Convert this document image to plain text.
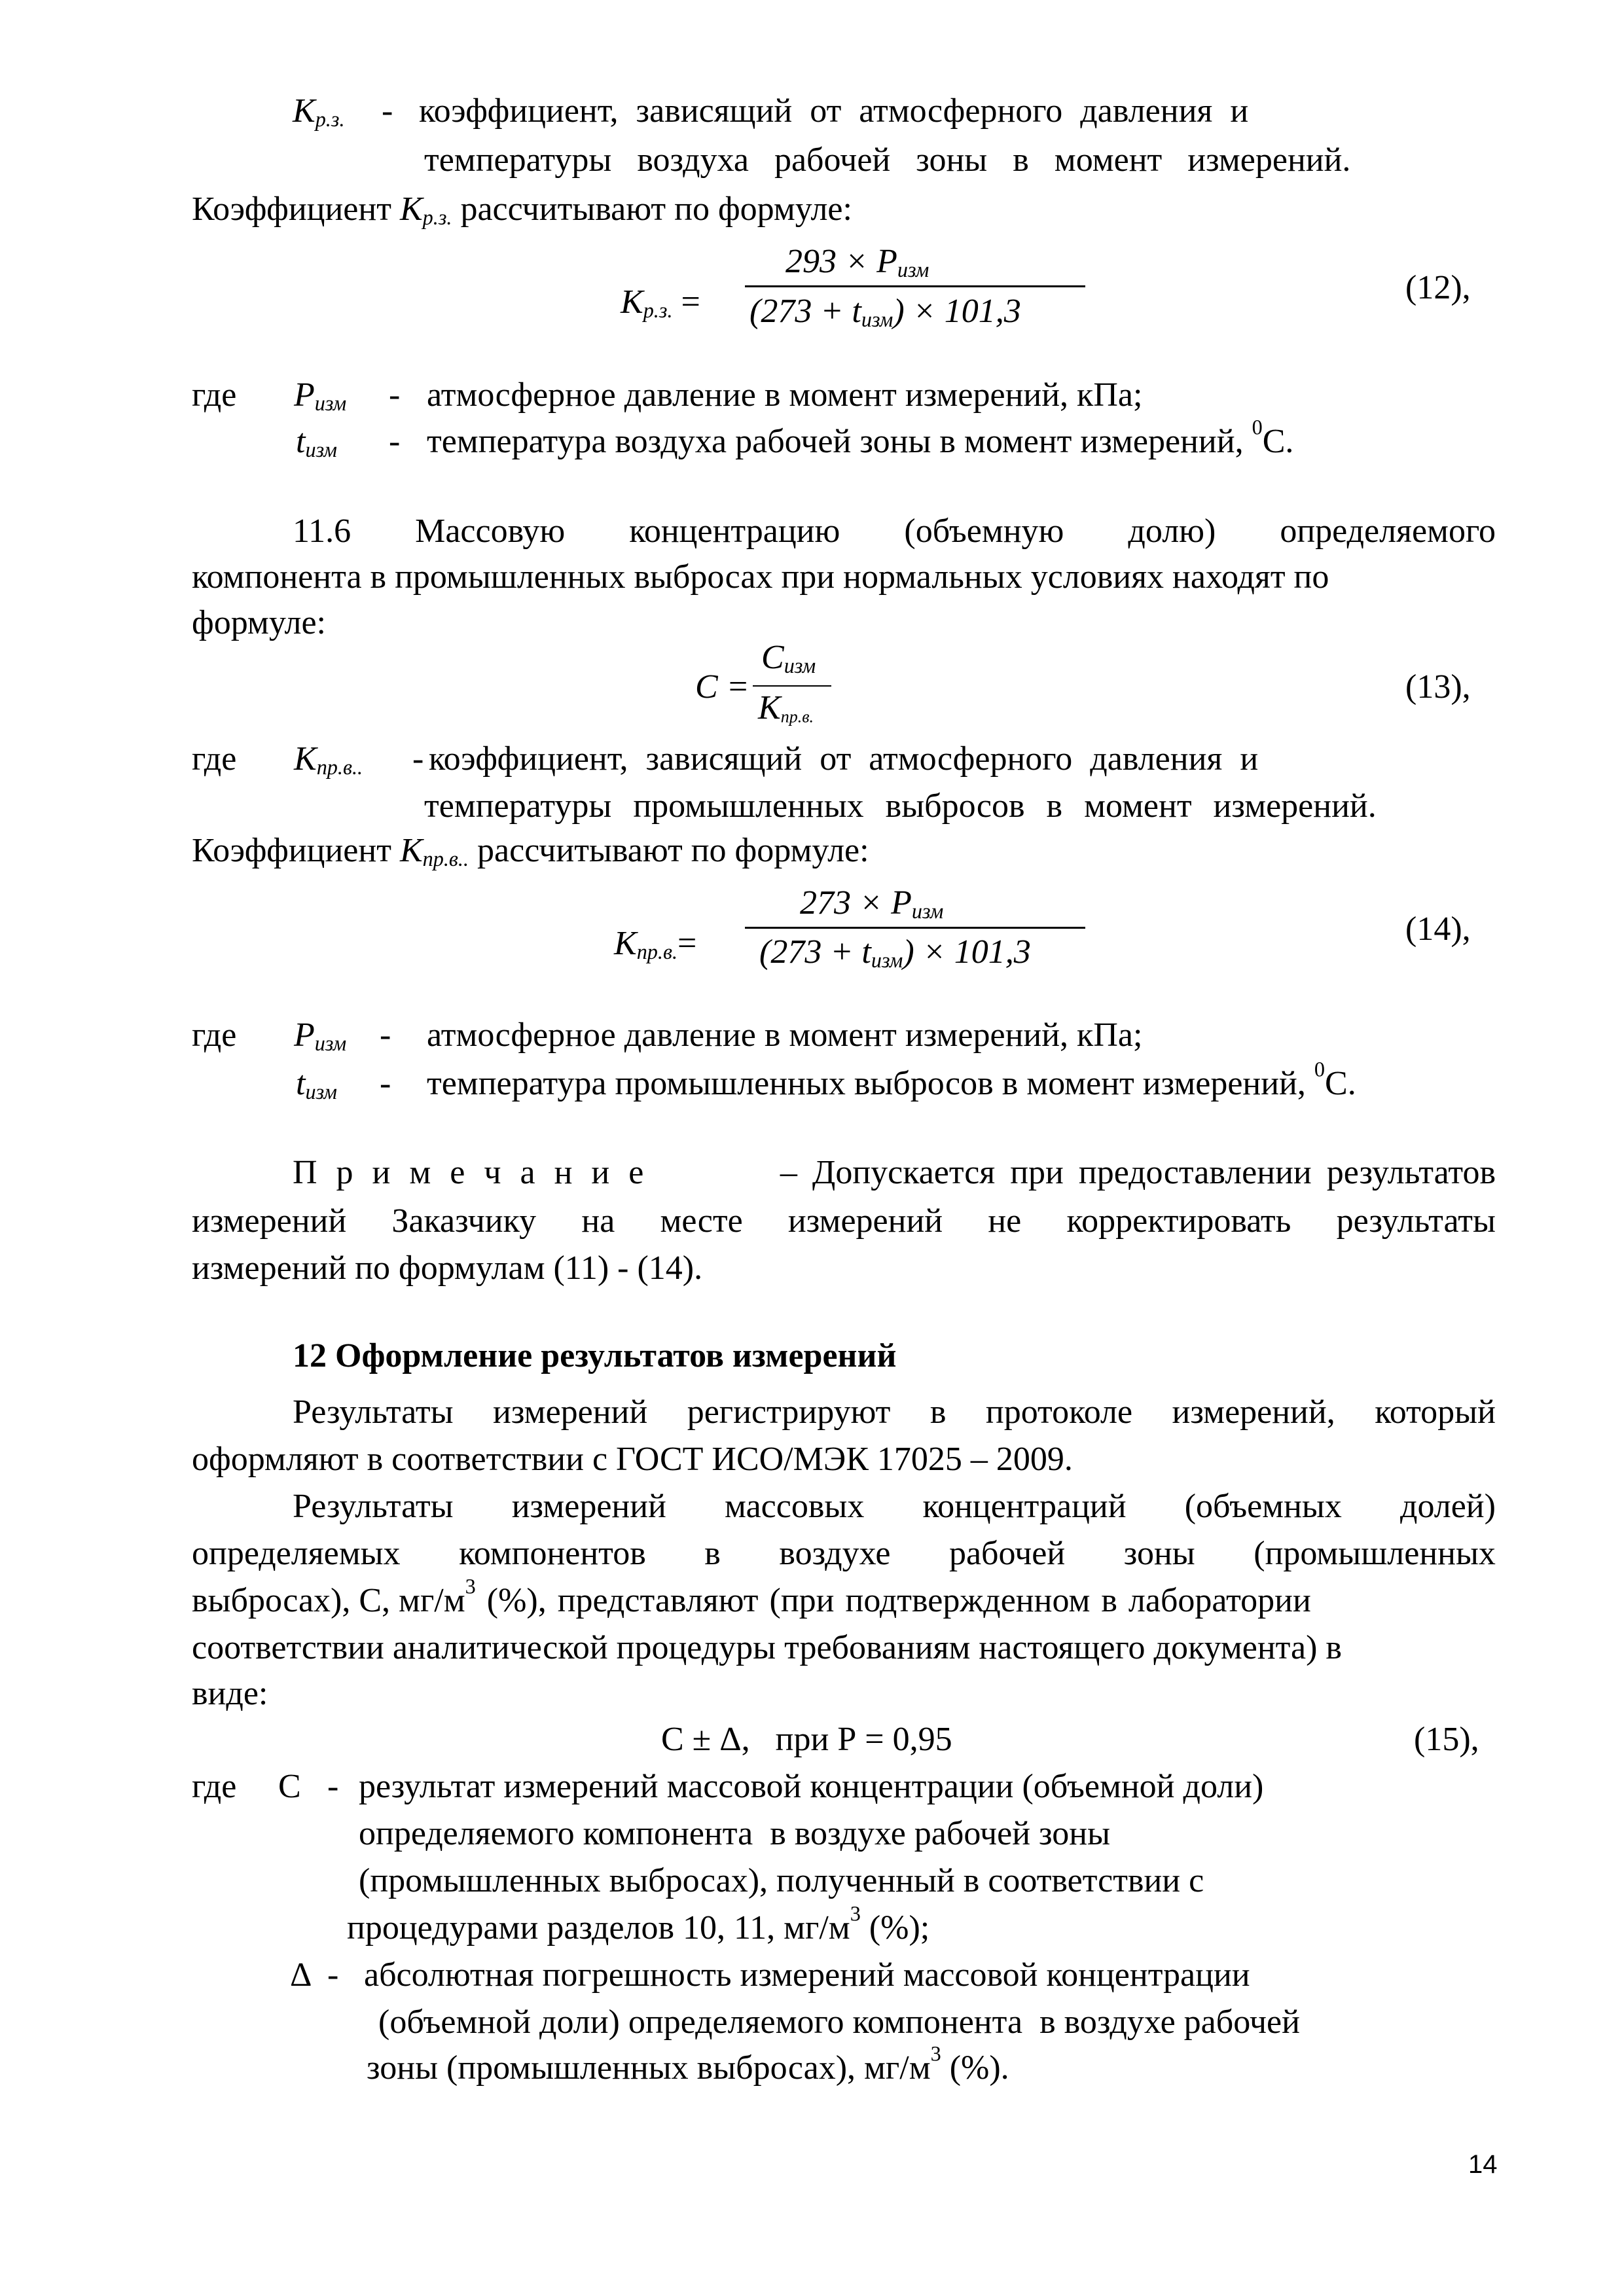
$K_{р.з.}$ - коэффициент, зависящий от атмосферного давления и
температуры воздуха рабочей зоны в момент измерений.
Коэффициент $K_{р.з.}$ рассчитывают по формуле:
$K_{р.з.}$ =
$293 \times P_{изм}$
$(273 + t_{изм}) \times 101,3$
(12),
где $P_{изм}$ - атмосферное давление в момент измерений, кПа;
$t_{изм}$ - температура воздуха рабочей зоны в момент измерений, $^0$С.
11.6 Массовую концентрацию (объемную долю) определяемого
компонента в промышленных выбросах при нормальных условиях находят по
формуле:
C =
$C_{изм}$
$K_{пр.в.}$
(13),
где $K_{пр.в..}$ - коэффициент, зависящий от атмосферного давления и
температуры промышленных выбросов в момент измерений.
Коэффициент $K_{пр.в..}$ рассчитывают по формуле:
$K_{пр.в.}=$
$273 \times P_{изм}$
$(273 + t_{изм}) \times 101,3$
(14),
где $P_{изм}$ - атмосферное давление в момент измерений, кПа;
$t_{изм}$ - температура промышленных выбросов в момент измерений, $^0$С.
П р и м е ч а н и е	– Допускается при предоставлении результатов
измерений Заказчику на месте измерений не корректировать результаты
измерений по формулам (11) - (14).
12 Оформление результатов измерений
Результаты измерений регистрируют в протоколе измерений, который
оформляют в соответствии с ГОСТ ИСО/МЭК 17025 – 2009.
Результаты измерений массовых концентраций (объемных долей)
определяемых компонентов в воздухе рабочей зоны (промышленных
выбросах), С, $мг/м^3$ (%), представляют (при подтвержденном в лаборатории
соответствии аналитической процедуры требованиям настоящего документа) в
виде:
С ± Δ,   при Р = 0,95	(15),
где С - результат измерений массовой концентрации (объемной доли)
определяемого компонента  в воздухе рабочей зоны
(промышленных выбросах), полученный в соответствии с
процедурами разделов 10, 11, $мг/м^3$ (%);
Δ - абсолютная погрешность измерений массовой концентрации
(объемной доли) определяемого компонента  в воздухе рабочей
зоны (промышленных выбросах), $мг/м^3$ (%).
14
